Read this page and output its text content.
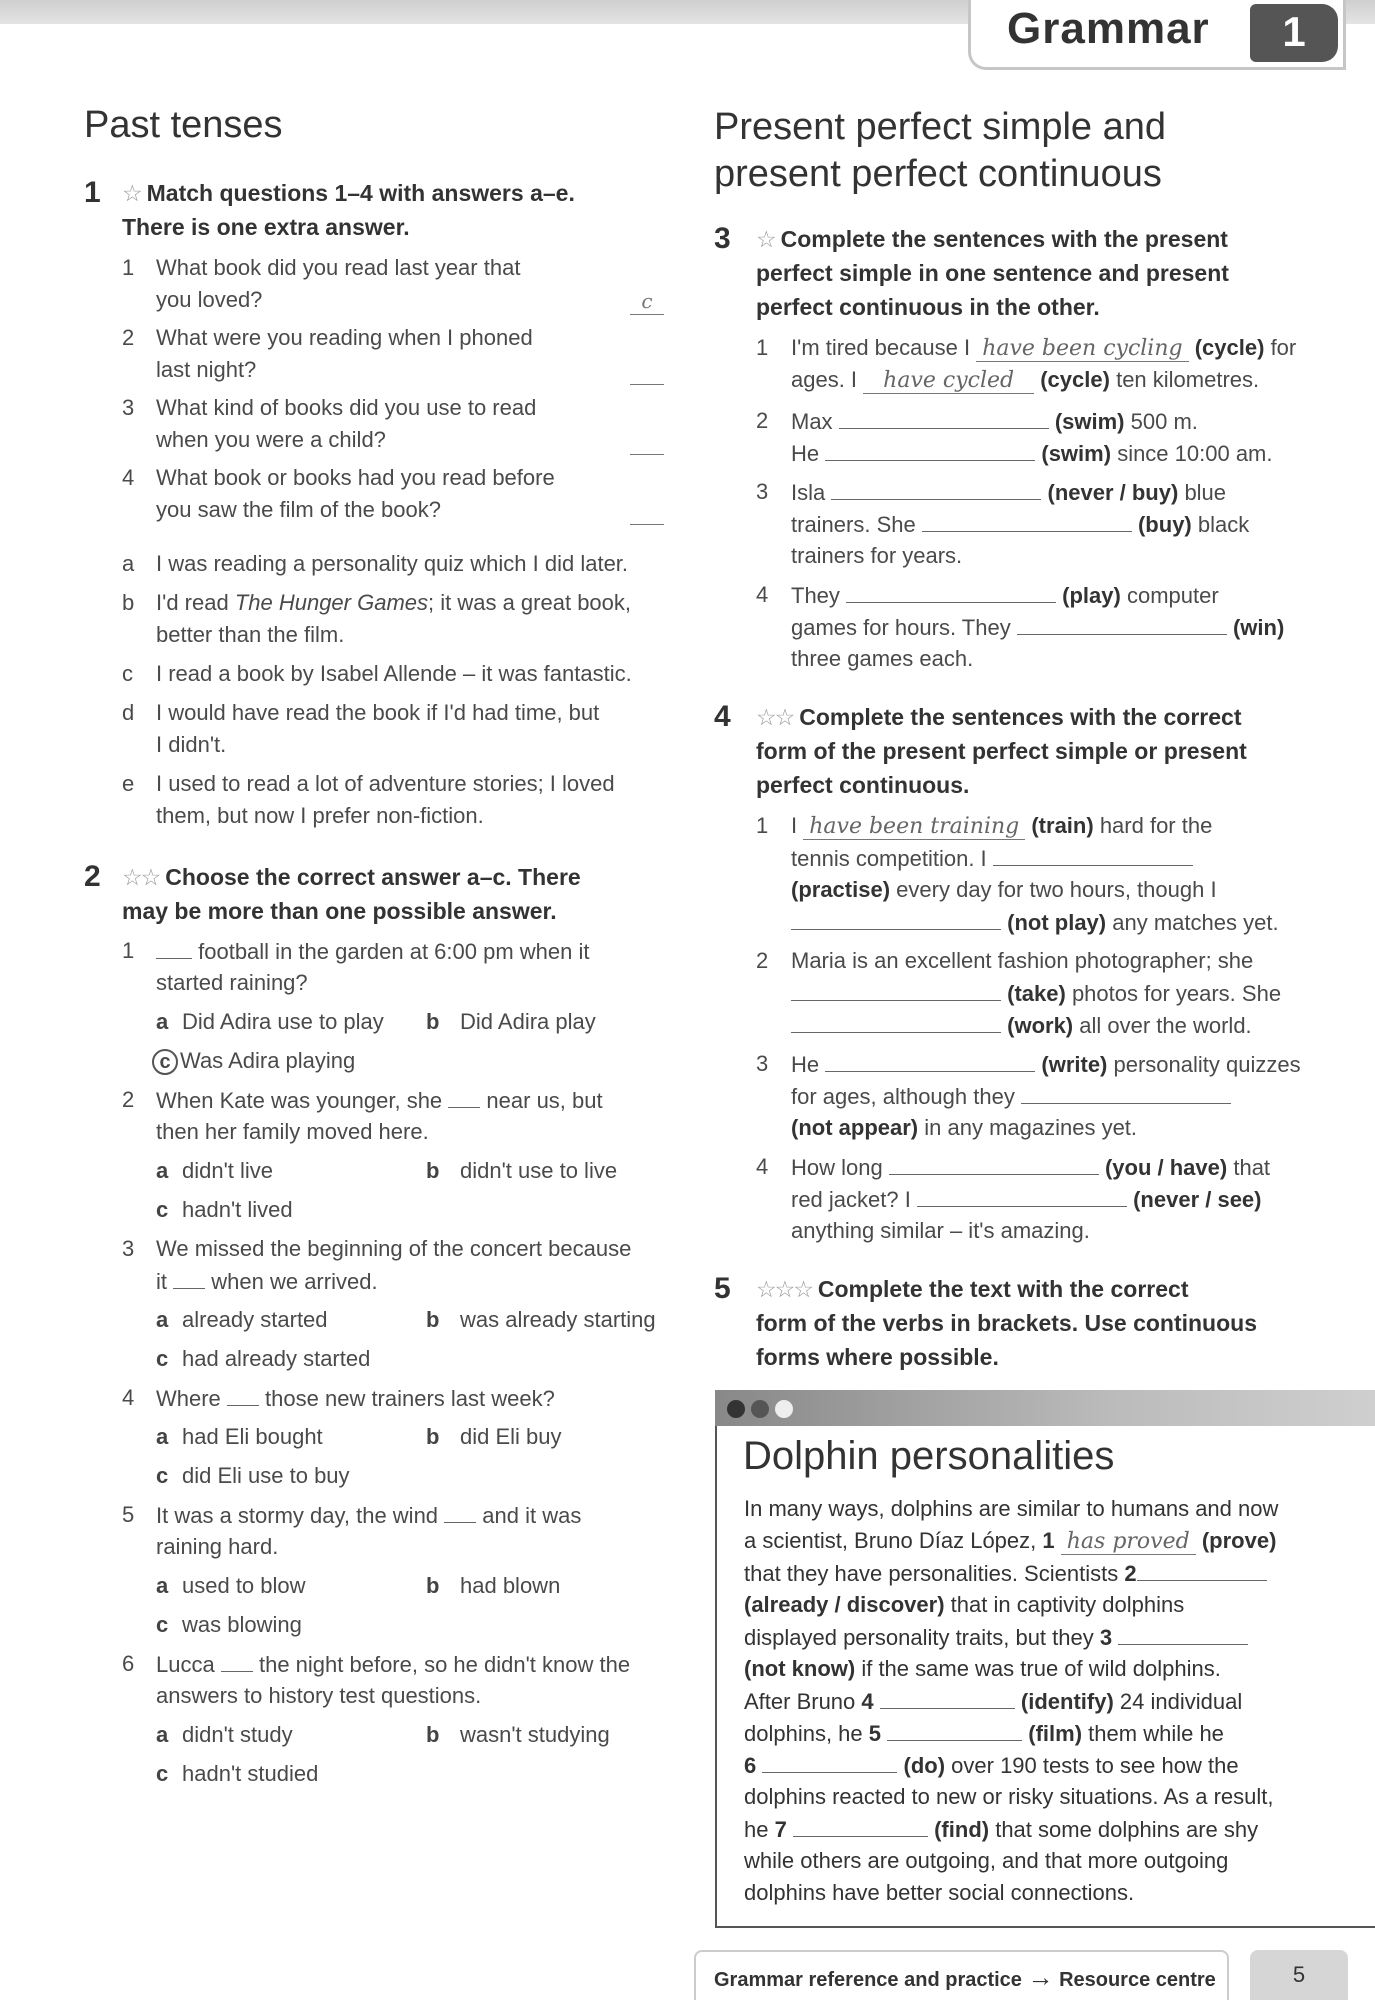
Grammar	1
Past tenses
1 ☆ Match questions 1–4 with answers a–e.
There is one extra answer.
1 What book did you read last year that
you loved?	c
2 What were you reading when I phoned
last night?
3 What kind of books did you use to read
when you were a child?
4 What book or books had you read before
you saw the film of the book?
a I was reading a personality quiz which I did later.
b I'd read The Hunger Games; it was a great book,
better than the film.
c I read a book by Isabel Allende – it was fantastic.
d I would have read the book if I'd had time, but
I didn't.
e I used to read a lot of adventure stories; I loved
them, but now I prefer non-fiction.
2 ☆☆ Choose the correct answer a–c. There
may be more than one possible answer.
1	football in the garden at 6:00 pm when it
started raining?
a Did Adira use to play b Did Adira play
c Was Adira playing
2 When Kate was younger, she near us, but
then her family moved here.
a didn't live	b didn't use to live
c hadn't lived
3 We missed the beginning of the concert because
it when we arrived.
a already started	b was already starting
c had already started
4 Where those new trainers last week?
a had Eli bought	b did Eli buy
c did Eli use to buy
5 It was a stormy day, the wind and it was
raining hard.
a used to blow	b had blown
c was blowing
6 Lucca the night before, so he didn't know the
answers to history test questions.
a didn't study	b wasn't studying
c hadn't studied
Present perfect simple and
present perfect continuous
3 ☆ Complete the sentences with the present
perfect simple in one sentence and present
perfect continuous in the other.
1 I'm tired because I have been cycling (cycle) for
ages. I have cycled (cycle) ten kilometres.
2 Max	(swim) 500 m.
He	(swim) since 10:00 am.
3 Isla	(never / buy) blue
trainers. She	(buy) black
trainers for years.
4 They	(play) computer
games for hours. They	(win)
three games each.
4 ☆☆ Complete the sentences with the correct
form of the present perfect simple or present
perfect continuous.
1 I have been training (train) hard for the
tennis competition. I
(practise) every day for two hours, though I
(not play) any matches yet.
2 Maria is an excellent fashion photographer; she
(take) photos for years. She
(work) all over the world.
3 He	(write) personality quizzes
for ages, although they
(not appear) in any magazines yet.
4 How long	(you / have) that
red jacket? I	(never / see)
anything similar – it's amazing.
5 ☆☆☆ Complete the text with the correct
form of the verbs in brackets. Use continuous
forms where possible.
Dolphin personalities
In many ways, dolphins are similar to humans and now
a scientist, Bruno Díaz López, 1 has proved (prove)
that they have personalities. Scientists 2
(already / discover) that in captivity dolphins
displayed personality traits, but they 3
(not know) if the same was true of wild dolphins.
After Bruno 4	(identify) 24 individual
dolphins, he 5	(film) them while he
6	(do) over 190 tests to see how the
dolphins reacted to new or risky situations. As a result,
he 7	(find) that some dolphins are shy
while others are outgoing, and that more outgoing
dolphins have better social connections.
Grammar reference and practice → Resource centre	5
